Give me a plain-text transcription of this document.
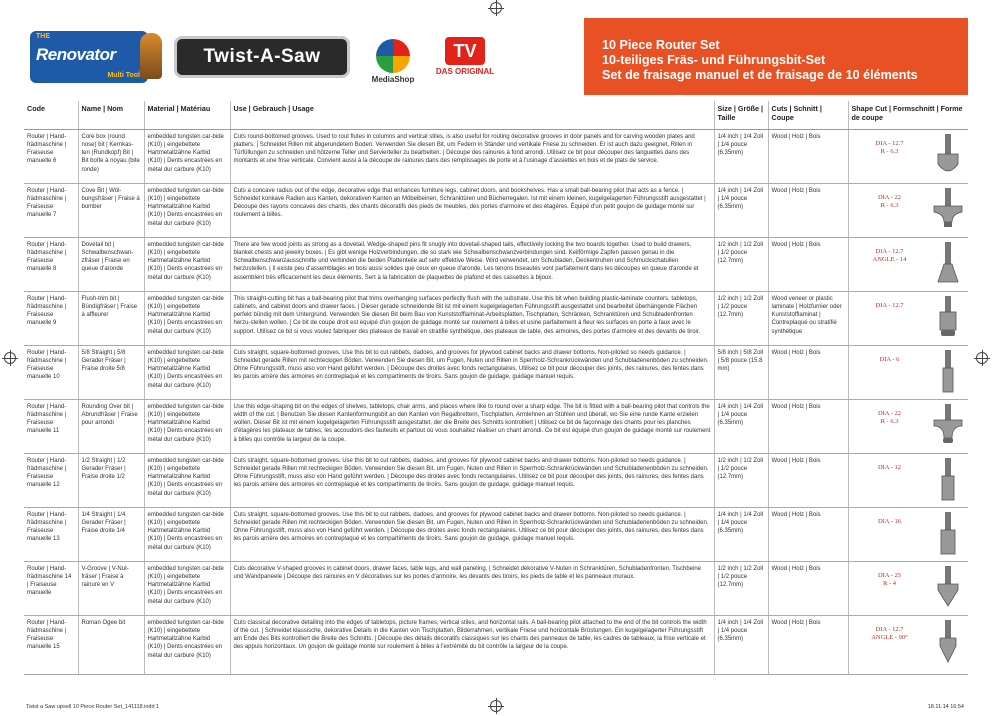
THE
Renovator
Multi Tool
Twist-A-Saw
MediaShop
TV
DAS ORIGINAL
10 Piece Router Set
10-teiliges Fräs- und Führungsbit-Set
Set de fraisage manuel et de fraisage de 10 éléments
Code	Name | Nom	Material | Matériau	Use | Gebrauch | Usage	Size | Größe | Taille	Cuts | Schnitt | Coupe	Shape Cut | Formschnitt | Forme de coupe
Router | Hand-frädmaschine | Fraiseuse manuelle 6	Core box (round nose) bit | Kernkas-ten (Rundkopf) Bit | Bit boîte à noyau (bite ronde)	embedded tungsten car-bide (K10) | eingebettete Hartmetallzähne Karbid (K10) | Dents encastrées en métal dur carbure (K10)	Cuts round-bottomed grooves. Used to rout flutes in columns and vertical stiles, is also useful for routing decorative grooves in door panels and for carving wooden plates and platters. | Schneidet Rillen mit abgerundetem Boden. Verwenden Sie diesen Bit, um Federn in Ständer und vertikale Friese zu schneiden. Er ist auch dazu geeignet, Rillen in Türfüllungen zu schneiden und hölzerne Teller und Servierteller zu bearbeiten. | Découpe des rainures à fond arrondi. Utilisez ce bit pour découper des languettes dans des montants et une frise verticale. Convient aussi à la découpe de rainures dans des remplissages de porte et à l'usinage d'assiettes en bois et de plats de service.	1/4 inch | 1/4 Zoll | 1/4 pouce (6.35mm)	Wood | Holz | Bois	DIA - 12.7
R - 6.3

Router | Hand-frädmaschine | Fraiseuse manuelle 7	Cove Bit | Wöl-bungsfräser | Fraise à bomber	embedded tungsten car-bide (K10) | eingebettete Hartmetallzähne Karbid (K10) | Dents encastrées en métal dur carbure (K10)	Cuts a concave radius out of the edge, decorative edge that enhances furniture legs, cabinet doors, and bookshelves. Has a small ball-bearing pilot that acts as a fence. | Schneidet konkave Radien aus Kanten, dekorativen Kanten an Möbelbeinen, Schranktüren und Bücherregalen. Ist mit einem kleinen, kugelgelagerten Führungsstift ausgestattet | Découpe des rayons concaves des chants, des chants décoratifs des pieds de meubles, des portes d'armoire et des étagères. Équipé d'un petit goujon de guidage monté sur roulement à billes.	1/4 inch | 1/4 Zoll | 1/4 pouce (6.35mm)	Wood | Holz | Bois	DIA - 22
R - 6.3

Router | Hand-frädmaschine | Fraiseuse manuelle 8	Dovetail bit | Schwalbenschwan-zfräser | Fraise en queue d'aronde	embedded tungsten car-bide (K10) | eingebettete Hartmetallzähne Karbid (K10) | Dents encastrées en métal dur carbure (K10)	There are few wood joints as strong as a dovetail. Wedge-shaped pins fit snugly into dovetail-shaped tails, effectively locking the two boards together. Used to build drawers, blanket chests and jewelry boxes. | Es gibt wenige Holzverbindungen, die so stark wie Schwalbenschwanzverbindungen sind. Keilförmige Zapfen passen genau in die Schwalbenschwanzausschnitte und verbinden die beiden Plattenteile auf sehr effektive Weise. Wird verwendet, um Schubladen, Deckentruhen und Schmuckschatullen herzustellen. | Il existe peu d'assemblages en bois aussi solides que ceux en queue d'aronde. Les tenons biseautés vont parfaitement dans les découpes en queue d'aronde et assemblent très efficacement les deux éléments. Sert à la fabrication de plaquettes de plafond et des cassettes à bijoux.	1/2 inch | 1/2 Zoll | 1/2 pouce (12.7mm)	Wood | Holz | Bois	DIA - 12.7
ANGLE - 14

Router | Hand-frädmaschine | Fraiseuse manuelle 9	Flush-trim bit | Bündigfräser | Fraise à affleurer	embedded tungsten car-bide (K10) | eingebettete Hartmetallzähne Karbid (K10) | Dents encastrées en métal dur carbure (K10)	This straight-cutting bit has a ball-bearing pilot that trims overhanging surfaces perfectly flush with the substrate. Use this bit when building plastic-laminate counters, tabletops, cabinets, and cabinet doors and drawer faces. | Dieser gerade schneidende Bit ist mit einem kugelgelagerten Führungsstift ausgestattet und bearbeitet überhängende Flächen perfekt bündig mit dem Untergrund. Verwenden Sie diesen Bit beim Bau von Kunststofflaminat-Arbeitsplatten, Tischplatten, Schränken, Schranktüren und Schubladenfronten herzu-stellen wollen. | Ce bit de coupe droit est équipé d'un goujon de guidage monté sur roulement à billes et usine parfaitement à fleur les surfaces en porte à faux avec le support. Utilisez ce bit si vous voulez fabriquer des plateaux de travail en stratifié synthétique, des plateaux de table, des armoires, des portes d'armoire et des devants de tiroir.	1/2 inch | 1/2 Zoll | 1/2 pouce (12.7mm)	Wood veneer or plastic laminate | Holzfurnier oder Kunststofflaminat | Contreplaqué ou stratifié synthétique	DIA - 12.7

Router | Hand-frädmaschine | Fraiseuse manuelle 10	5/8 Straight | 5/8 Gerader Fräser | Fraise droite 5/8	embedded tungsten car-bide (K10) | eingebettete Hartmetallzähne Karbid (K10) | Dents encastrées en métal dur carbure (K10)	Cuts straight, square-bottomed grooves. Use this bit to cut rabbets, dadoes, and grooves for plywood cabinet backs and drawer bottoms. Non-piloted so needs guidance. | Schneidet gerade Rillen mit rechteckigen Böden. Verwenden Sie diesen Bit, um Fugen, Nuten und Rillen in Sperrholz-Schrankrückwänden und Schubladenenböden zu schneiden. Ohne Führungsstift, muss also von Hand geführt werden. | Découpe des droites avec fonds rectangulaires. Utilisez ce bit pour découper des joints, des rainures, des fentes dans les parois arrière des armoires en contreplaqué et les compartiments de tiroirs. Sans goujon de guidage, guidage manuel requis.	5/8 inch | 5/8 Zoll | 5/8 pouce (15.8 mm)	Wood | Holz | Bois	DIA - 6

Router | Hand-frädmaschine | Fraiseuse manuelle 11	Rounding Over bit | Abrundfräser | Fraise pour arrondi	embedded tungsten car-bide (K10) | eingebettete Hartmetallzähne Karbid (K10) | Dents encastrées en métal dur carbure (K10)	Use this edge-shaping bit on the edges of shelves, tabletops, chair arms, and places where like to round over a sharp edge. The bit is fitted with a ball-bearing pilot that controls the width of the cut. | Benutzen Sie diesen Kantenformungsbit an den Kanten von Regalbrettern, Tischplatten, Armlehnen an Stühlen und überall, wo Sie eine runde Kante erzielen wollen. Dieser Bit ist mit einem kugelgelagerten Führungsstift ausgestattet, der die Breite des Schnitts kontrolliert | Utilisez ce bit de façonnage des chants pour les planches d'étagères les plateaux de tables, les accoudoirs des fauteuils et partout où vous souhaitez réaliser un chant arrondi. Ce bit est équipé d'un goujon de guidage monté sur roulement à billes qui contrôle la largeur de la coupe.	1/4 inch | 1/4 Zoll | 1/4 pouce (6.35mm)	Wood | Holz | Bois	DIA - 22
R - 6.3

Router | Hand-frädmaschine | Fraiseuse manuelle 12	1/2 Straight | 1/2 Gerader Fräser | Fraise droite 1/2	embedded tungsten car-bide (K10) | eingebettete Hartmetallzähne Karbid (K10) | Dents encastrées en métal dur carbure (K10)	Cuts straight, square-bottomed grooves. Use this bit to cut rabbets, dadoes, and grooves for plywood cabinet backs and drawer bottoms. Non-piloted so needs guidance. | Schneidet gerade Rillen mit rechteckigen Böden. Verwenden Sie diesen Bit, um Fugen, Nuten und Rillen in Sperrholz-Schrankrückwänden und Schubladenenböden zu schneiden. Ohne Führungsstift, muss also von Hand geführt werden. | Découpe des droites avec fonds rectangulaires. Utilisez ce bit pour découper des joints, des rainures, des fentes dans les parois arrière des armoires en contreplaqué et les compartiments de tiroirs. Sans goujon de guidage, guidage manuel requis.	1/2 inch | 1/2 Zoll | 1/2 pouce (12.7mm)	Wood | Holz | Bois	DIA - 12

Router | Hand-frädmaschine | Fraiseuse manuelle 13	1/4 Straight | 1/4 Gerader Fräser | Fraise droite 1/4	embedded tungsten car-bide (K10) | eingebettete Hartmetallzähne Karbid (K10) | Dents encastrées en métal dur carbure (K10)	Cuts straight, square-bottomed grooves. Use this bit to cut rabbets, dadoes, and grooves for plywood cabinet backs and drawer bottoms. Non-piloted so needs guidance. | Schneidet gerade Rillen mit rechteckigen Böden. Verwenden Sie diesen Bit, um Fugen, Nuten und Rillen in Sperrholz-Schrankrückwänden und Schubladenenböden zu schneiden. Ohne Führungsstift, muss also von Hand geführt werden. | Découpe des droites avec fonds rectangulaires. Utilisez ce bit pour découper des joints, des rainures, des fentes dans les parois arrière des armoires en contreplaqué et les compartiments de tiroirs. Sans goujon de guidage, guidage manuel requis.	1/4 inch | 1/4 Zoll | 1/4 pouce (6.35mm)	Wood | Holz | Bois	DIA - 16

Router | Hand-frädmaschine 14 | Fraiseuse manuelle	V-Groove | V-Nut-fräser | Fraise à rainure en V	embedded tungsten car-bide (K10) | eingebettete Hartmetallzähne Karbid (K10) | Dents encastrées en métal dur carbure (K10)	Cuts decorative V-shaped grooves in cabinet doors, drawer faces, table legs, and wall paneling. | Schneidet dekorative V-Nuten in Schranktüren, Schubladenfronten, Tischbeine und Wandpaneele | Découpe des rainures en V décoratives sur les portes d'armoire, les devants des tiroirs, les pieds de table et les panneaux muraux.	1/2 inch | 1/2 Zoll | 1/2 pouce (12.7mm)	Wood | Holz | Bois	DIA - 25
R - 4

Router | Hand-frädmaschine | Fraiseuse manuelle 15	Roman Ogee bit	embedded tungsten car-bide (K10) | eingebettete Hartmetallzähne Karbid (K10) | Dents encastrées en métal dur carbure (K10)	Cuts classical decorative detailing into the edges of tabletops, picture frames, vertical stiles, and horizontal rails. A ball-bearing pilot attached to the end of the bit controls the width of the cut. | Schneidet klassische, dekorative Details in die Kanten von Tischplatten, Bilderrahmen, vertikale Friese und horizontale Brüstungen. Ein kugelgelagerter Führungsstift am Ende des Bits kontrolliert die Breite des Schnitts. | Découpe des détails décoratifs classiques sur les chants des panneaux de table, les cadres de tableaux, la frise verticale et des appuis horizontaux. Un goujon de guidage monté sur roulement à billes à l'extrémité du bit contrôle la largeur de la coupe.	1/4 inch | 1/4 Zoll | 1/4 pouce (6.35mm)	Wood | Holz | Bois	DIA - 12.7
ANGLE - 90°
Twist a Saw upsell 10 Piece Router Set_141118.indd 1	18.11.14 16:54
